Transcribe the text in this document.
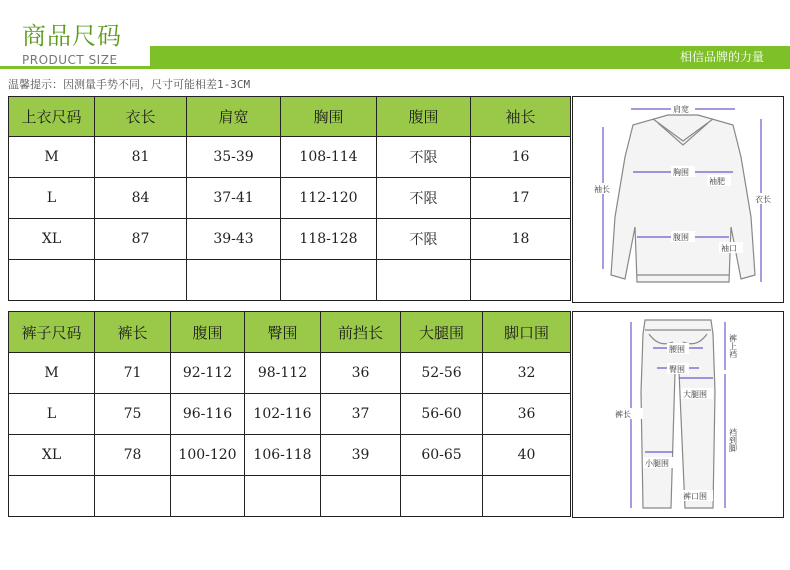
商品尺码
PRODUCT SIZE	相信品牌的力量
温馨提示：因测量手势不同，尺寸可能相差1-3CM
上衣尺码	衣长	肩宽	胸围	腹围	袖长
M	81	35-39	108-114	不限	16
L	84	37-41	112-120	不限	17
XL	87	39-43	118-128	不限	18

肩宽
胸围
腹围
袖长
衣长
袖肥
袖口
裤子尺码	裤长	腹围	臀围	前挡长	大腿围	脚口围
M	71	92-112	98-112	36	52-56	32
L	75	96-116	102-116	37	56-60	36
XL	78	100-120	106-118	39	60-65	40

腰围
臀围
大腿围
小腿围
裤口围
裤长
裤上裆
裆到脚
